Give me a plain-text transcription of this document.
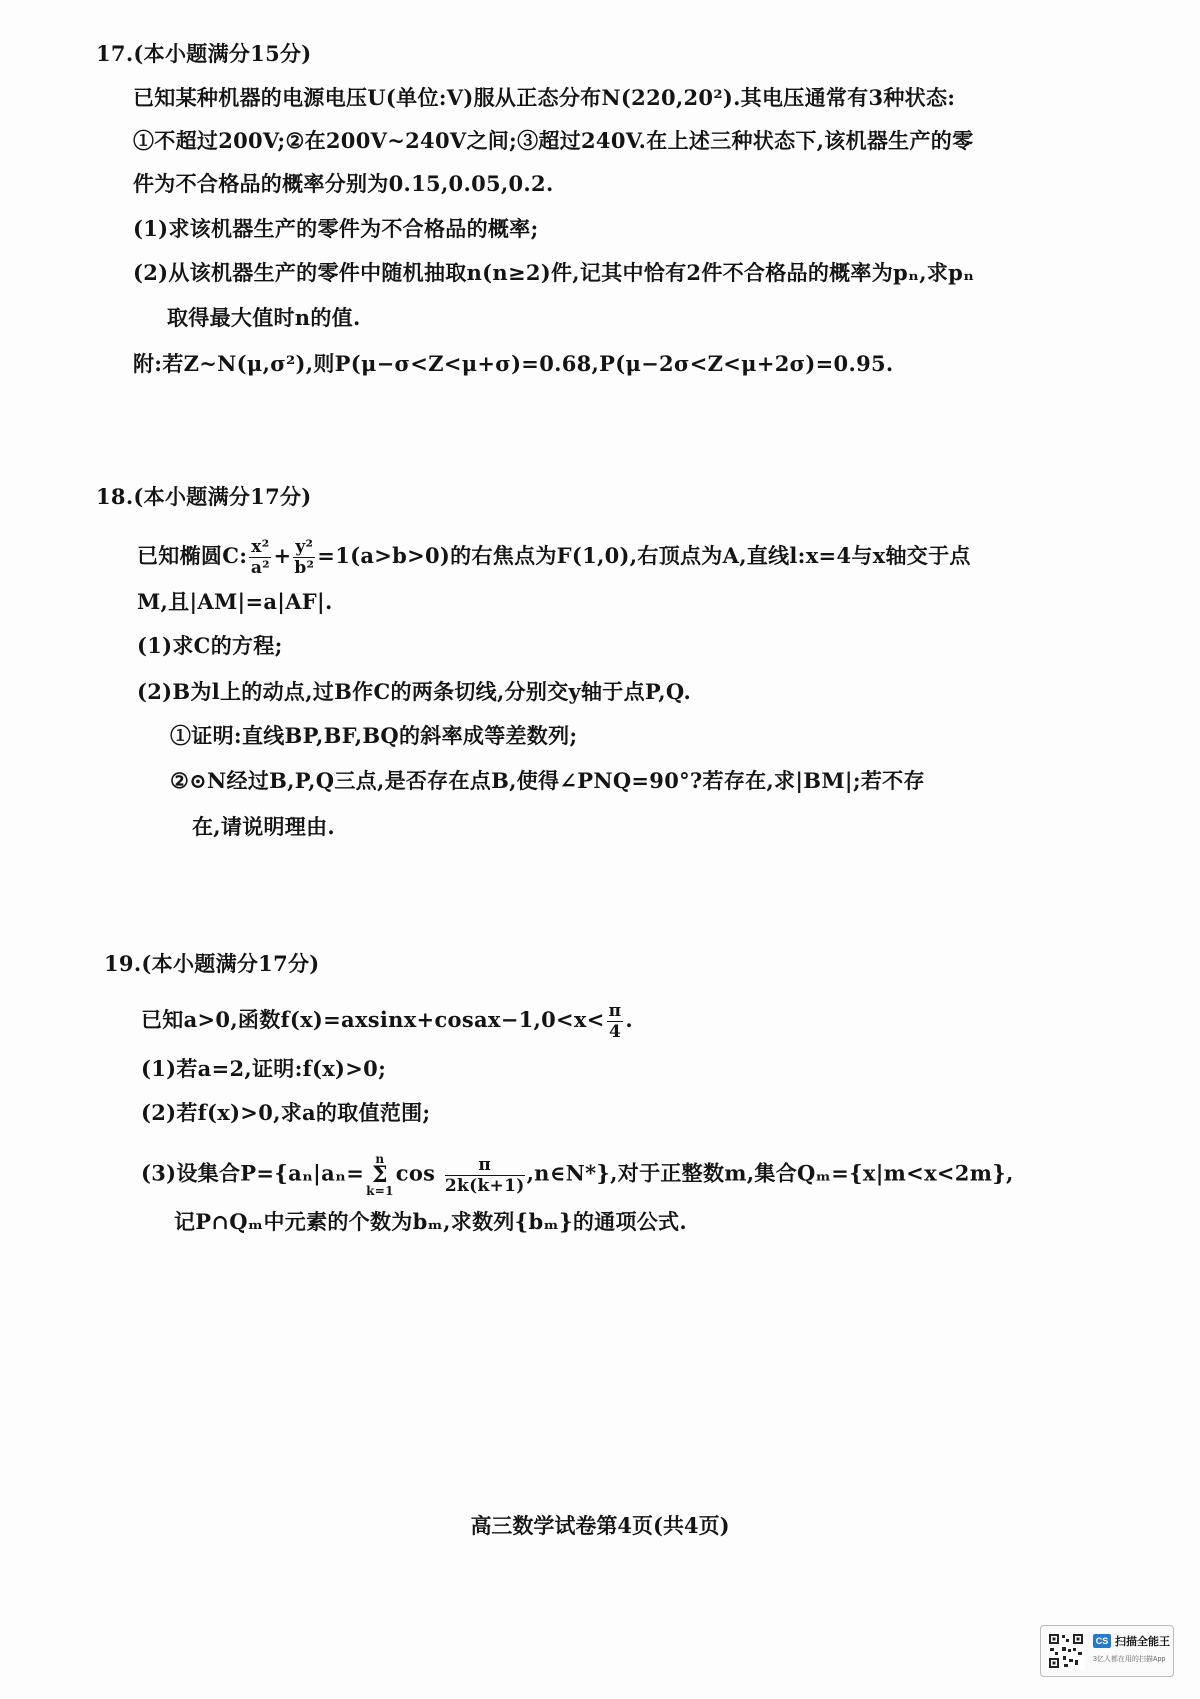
17.(本小题满分15分)
已知某种机器的电源电压U(单位:V)服从正态分布N(220,20²).其电压通常有3种状态:
①不超过200V;②在200V~240V之间;③超过240V.在上述三种状态下,该机器生产的零
件为不合格品的概率分别为0.15,0.05,0.2.
(1)求该机器生产的零件为不合格品的概率;
(2)从该机器生产的零件中随机抽取n(n≥2)件,记其中恰有2件不合格品的概率为pₙ,求pₙ
取得最大值时n的值.
附:若Z~N(μ,σ²),则P(μ−σ<Z<μ+σ)=0.68,P(μ−2σ<Z<μ+2σ)=0.95.
18.(本小题满分17分)
已知椭圆C: $\frac{\text{x²}}{\text{a²}} + \frac{\text{y²}}{\text{b²}} =1(a>b>0)$的右焦点为F(1,0),右顶点为A,直线l:x=4与x轴交于点
M,且|AM|=a|AF|.
(1)求C的方程;
(2)B为l上的动点,过B作C的两条切线,分别交y轴于点P,Q.
①证明:直线BP,BF,BQ的斜率成等差数列;
②⊙N经过B,P,Q三点,是否存在点B,使得∠PNQ=90°?若存在,求|BM|;若不存
在,请说明理由.
19.(本小题满分17分)
已知a>0,函数f(x)=axsinx+cosax−1,0<x< $\frac{\pi}{4}$ .
(1)若a=2,证明:f(x)>0;
(2)若f(x)>0,求a的取值范围;
(3)设集合P={aₙ|aₙ=
n
Σ
k=1
$\cos \frac{\pi}{2k(k+1)}$ ,n∈N*},对于正整数m,集合Qₘ={x|m<x<2m},
记P∩Qₘ中元素的个数为bₘ,求数列{bₘ}的通项公式.
高三数学试卷第4页(共4页)
CS 扫描全能王
3亿人都在用的扫描App
